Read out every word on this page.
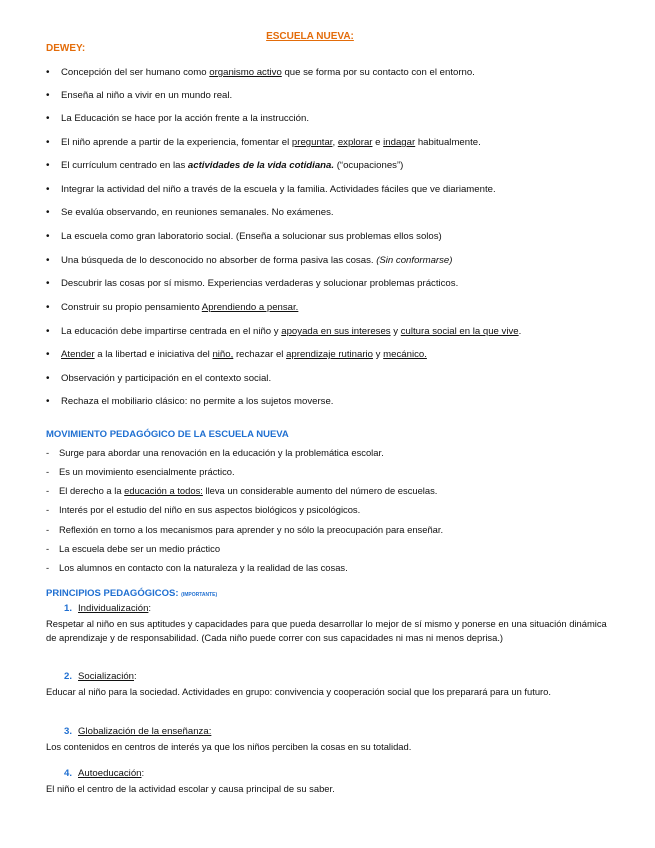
ESCUELA NUEVA:
DEWEY:
• Concepción del ser humano como organismo activo que se forma por su contacto con el entorno.
• Enseña al niño a vivir en un mundo real.
• La Educación se hace por la acción frente a la instrucción.
• El niño aprende a partir de la experiencia, fomentar el preguntar, explorar e indagar habitualmente.
• El currículum centrado en las actividades de la vida cotidiana. (“ocupaciones”)
• Integrar la actividad del niño a través de la escuela y la familia. Actividades fáciles que ve diariamente.
• Se evalúa observando, en reuniones semanales. No exámenes.
• La escuela como gran laboratorio social. (Enseña a solucionar sus problemas ellos solos)
• Una búsqueda de lo desconocido no absorber de forma pasiva las cosas. (Sin conformarse)
• Descubrir las cosas por sí mismo. Experiencias verdaderas y solucionar problemas prácticos.
• Construir su propio pensamiento Aprendiendo a pensar.
• La educación debe impartirse centrada en el niño y apoyada en sus intereses y cultura social en la que vive.
• Atender a la libertad e iniciativa del niño, rechazar el aprendizaje rutinario y mecánico.
• Observación y participación en el contexto social.
• Rechaza el mobiliario clásico: no permite a los sujetos moverse.
MOVIMIENTO PEDAGÓGICO DE LA ESCUELA NUEVA
- Surge para abordar una renovación en la educación y la problemática escolar.
- Es un movimiento esencialmente práctico.
- El derecho a la educación a todos: lleva un considerable aumento del número de escuelas.
- Interés por el estudio del niño en sus aspectos biológicos y psicológicos.
- Reflexión en torno a los mecanismos para aprender y no sólo la preocupación para enseñar.
- La escuela debe ser un medio práctico
- Los alumnos en contacto con la naturaleza y la realidad de las cosas.
PRINCIPIOS PEDAGÓGICOS: (IMPORTANTE)
1. Individualización:
Respetar al niño en sus aptitudes y capacidades para que pueda desarrollar lo mejor de sí mismo y ponerse en una situación dinámica de aprendizaje y de responsabilidad. (Cada niño puede correr con sus capacidades ni mas ni menos deprisa.)
2. Socialización:
Educar al niño para la sociedad. Actividades en grupo: convivencia y cooperación social que los preparará para un futuro.
3. Globalización de la enseñanza:
Los contenidos en centros de interés ya que los niños perciben la cosas en su totalidad.
4. Autoeducación:
El niño el centro de la actividad escolar y causa principal de su saber.
